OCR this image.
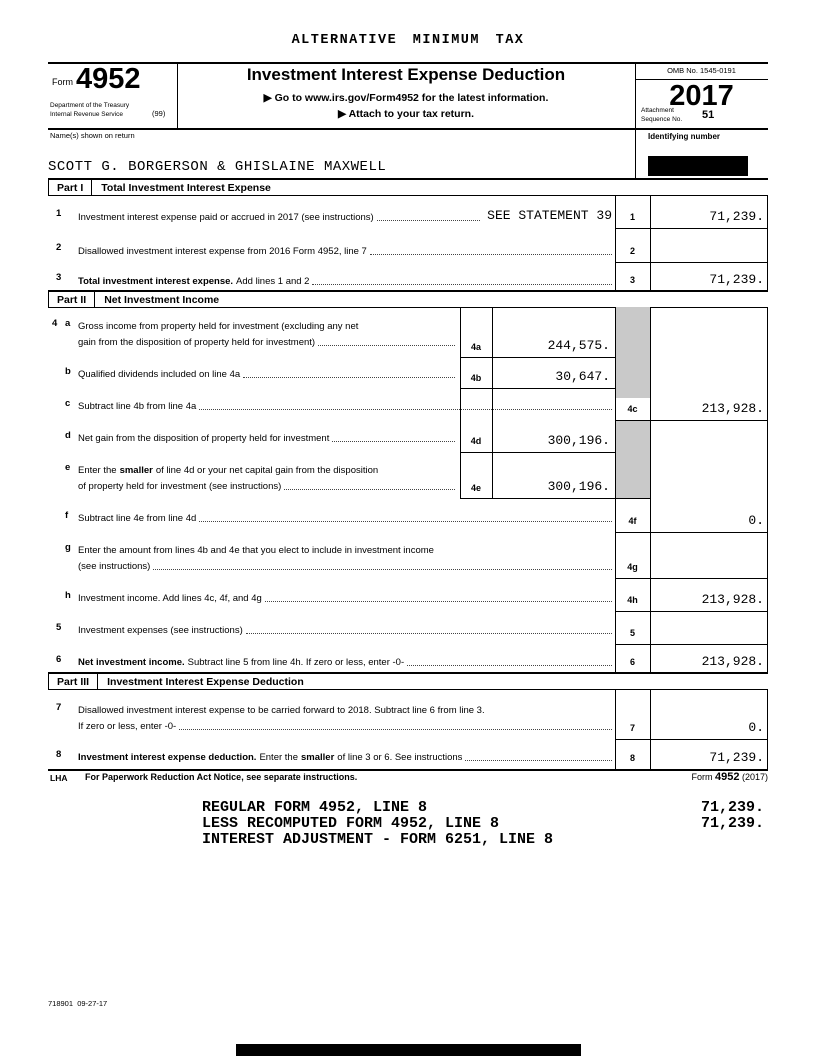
ALTERNATIVE MINIMUM TAX
Form 4952
Department of the Treasury
Internal Revenue Service	(99)
Investment Interest Expense Deduction
▶ Go to www.irs.gov/Form4952 for the latest information.
▶ Attach to your tax return.
OMB No. 1545-0191
2017
Attachment
Sequence No. 51
Name(s) shown on return	Identifying number
SCOTT G. BORGERSON & GHISLAINE MAXWELL
Part I	Total Investment Interest Expense
1 Investment interest expense paid or accrued in 2017 (see instructions)	SEE STATEMENT 39	1	71,239.
2 Disallowed investment interest expense from 2016 Form 4952, line 7	2
3 Total investment interest expense. Add lines 1 and 2	3	71,239.
Part II	Net Investment Income
4 a Gross income from property held for investment (excluding any net
gain from the disposition of property held for investment)	4a	244,575.
b Qualified dividends included on line 4a	4b	30,647.
c Subtract line 4b from line 4a	4c	213,928.
d Net gain from the disposition of property held for investment	4d	300,196.
e Enter the smaller of line 4d or your net capital gain from the disposition
of property held for investment (see instructions)	4e	300,196.
f Subtract line 4e from line 4d	4f	0.
g Enter the amount from lines 4b and 4e that you elect to include in investment income
(see instructions)	4g
h Investment income. Add lines 4c, 4f, and 4g	4h	213,928.
5 Investment expenses (see instructions)	5
6 Net investment income. Subtract line 5 from line 4h. If zero or less, enter -0-	6	213,928.
Part III	Investment Interest Expense Deduction
7 Disallowed investment interest expense to be carried forward to 2018. Subtract line 6 from line 3.
If zero or less, enter -0-	7	0.
8 Investment interest expense deduction. Enter the smaller of line 3 or 6. See instructions	8	71,239.
LHA For Paperwork Reduction Act Notice, see separate instructions.	Form 4952 (2017)
REGULAR FORM 4952, LINE 8	71,239.
LESS RECOMPUTED FORM 4952, LINE 8	71,239.
INTEREST ADJUSTMENT - FORM 6251, LINE 8
718901  09-27-17
